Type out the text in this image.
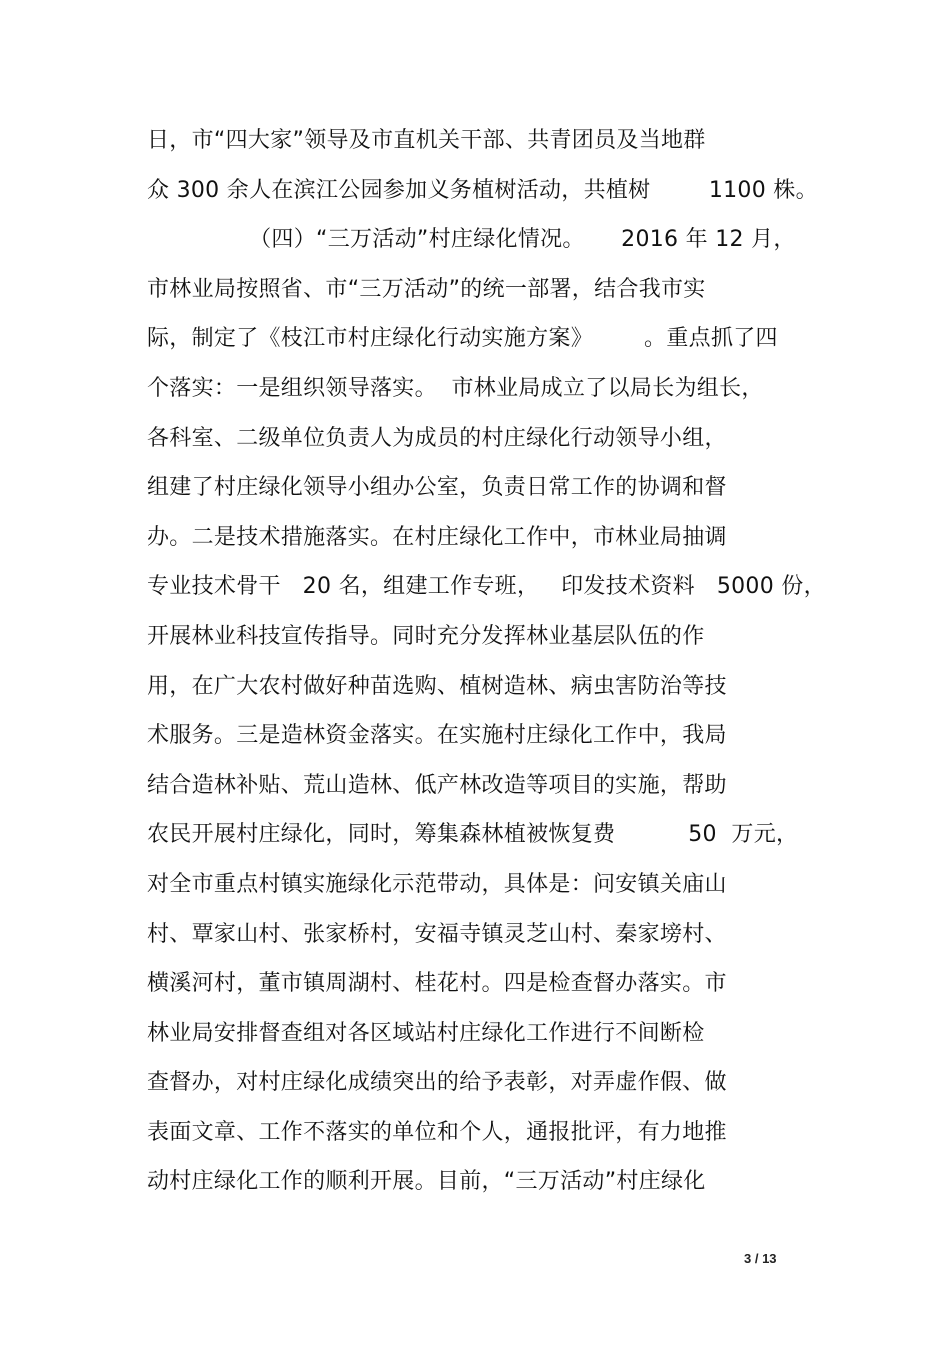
日，市“四大家”领导及市直机关干部、共青团员及当地群
众 300 余人在滨江公园参加义务植树活动，共植树        1100 株。
（四）“三万活动”村庄绿化情况。     2016 年 12 月，
市林业局按照省、市“三万活动”的统一部署，结合我市实
际，制定了《枝江市村庄绿化行动实施方案》       。重点抓了四
个落实：一是组织领导落实。  市林业局成立了以局长为组长，
各科室、二级单位负责人为成员的村庄绿化行动领导小组，
组建了村庄绿化领导小组办公室，负责日常工作的协调和督
办。二是技术措施落实。在村庄绿化工作中，市林业局抽调
专业技术骨干   20 名，组建工作专班，   印发技术资料   5000 份，
开展林业科技宣传指导。同时充分发挥林业基层队伍的作
用，在广大农村做好种苗选购、植树造林、病虫害防治等技
术服务。三是造林资金落实。在实施村庄绿化工作中，我局
结合造林补贴、荒山造林、低产林改造等项目的实施，帮助
农民开展村庄绿化，同时，筹集森林植被恢复费          50  万元，
对全市重点村镇实施绿化示范带动，具体是：问安镇关庙山
村、覃家山村、张家桥村，安福寺镇灵芝山村、秦家塝村、
横溪河村，董市镇周湖村、桂花村。四是检查督办落实。市
林业局安排督查组对各区域站村庄绿化工作进行不间断检
查督办，对村庄绿化成绩突出的给予表彰，对弄虚作假、做
表面文章、工作不落实的单位和个人，通报批评，有力地推
动村庄绿化工作的顺利开展。目前，“三万活动”村庄绿化
3 / 13
